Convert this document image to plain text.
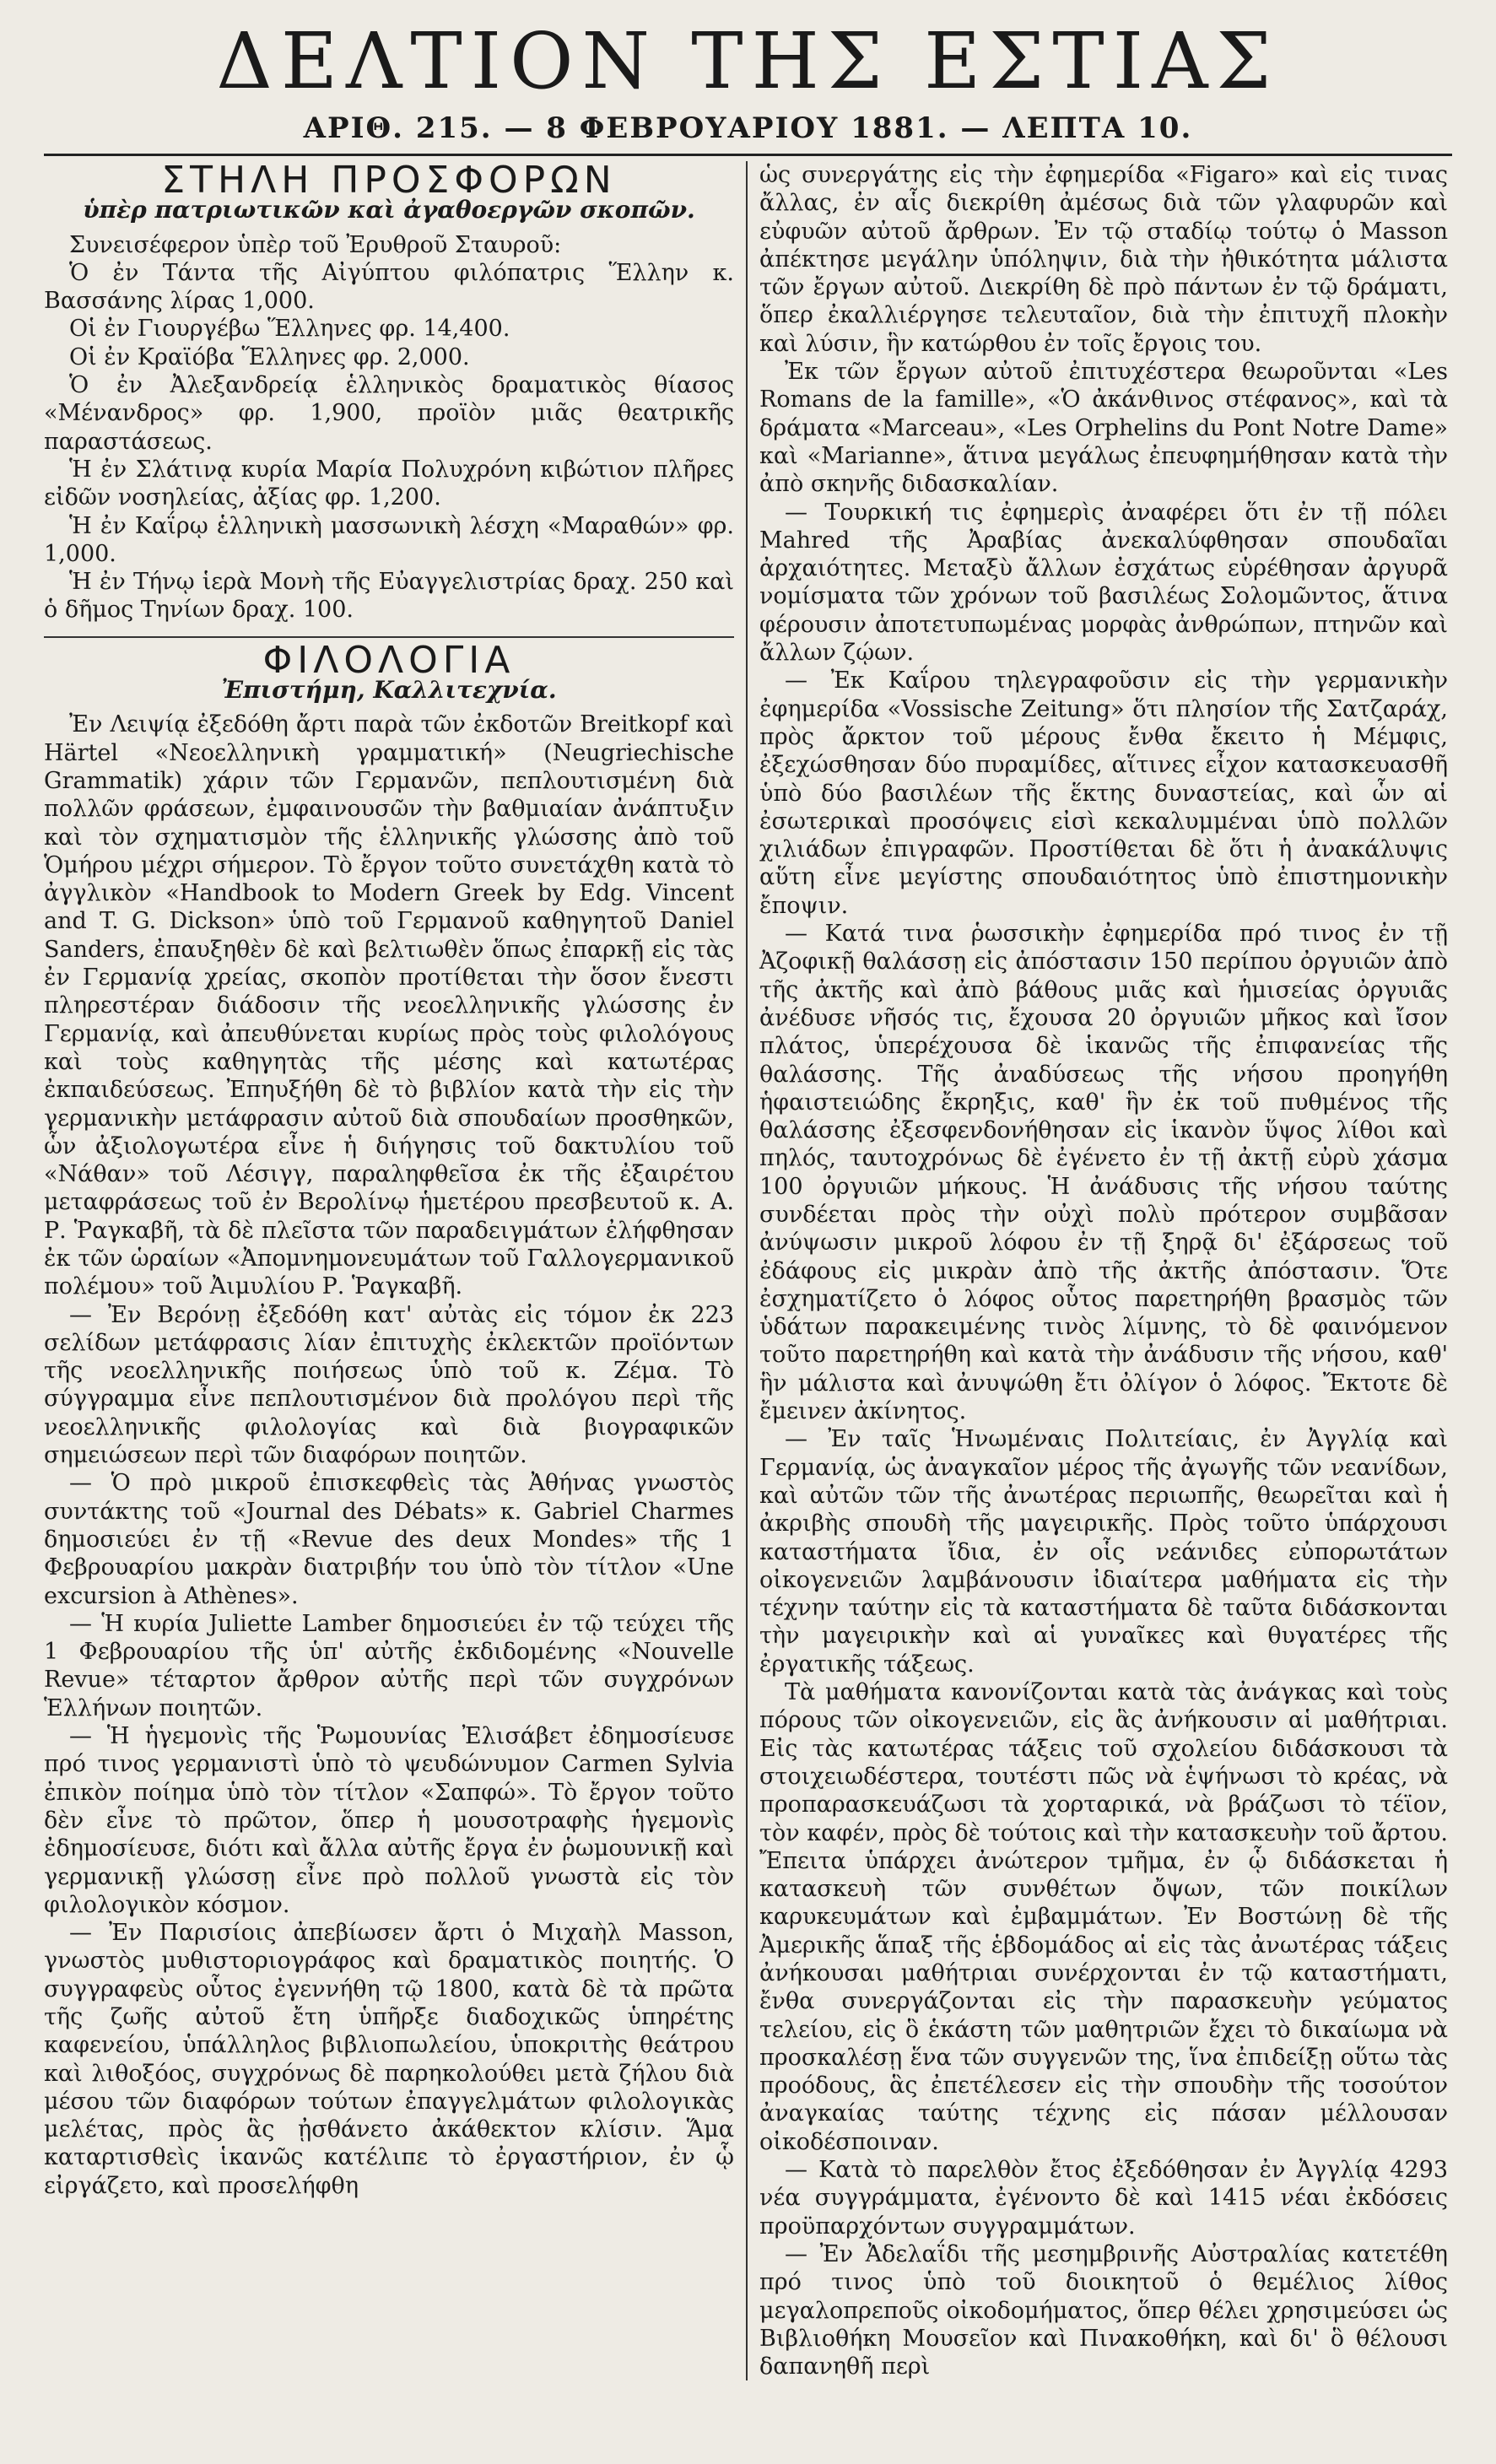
ΔΕΛΤΙΟΝ ΤΗΣ ΕΣΤΙΑΣ
ΑΡΙΘ. 215. — 8 ΦΕΒΡΟΥΑΡΙΟΥ 1881. — ΛΕΠΤΑ 10.
ΣΤΗΛΗ ΠΡΟΣΦΟΡΩΝ
ὑπὲρ πατριωτικῶν καὶ ἀγαθοεργῶν σκοπῶν.

Συνεισέφερον ὑπὲρ τοῦ Ἐρυθροῦ Σταυροῦ:

Ὁ ἐν Τάντα τῆς Αἰγύπτου φιλόπατρις Ἕλλην κ. Βασσάνης λίρας 1,000.

Οἱ ἐν Γιουργέβω Ἕλληνες φρ. 14,400.

Οἱ ἐν Κραϊόβα Ἕλληνες φρ. 2,000.

Ὁ ἐν Ἀλεξανδρείᾳ ἑλληνικὸς δραματικὸς θίασος «Μένανδρος» φρ. 1,900, προϊὸν μιᾶς θεατρικῆς παραστάσεως.

Ἡ ἐν Σλάτινᾳ κυρία Μαρία Πολυχρόνη κιβώτιον πλῆρες εἰδῶν νοσηλείας, ἀξίας φρ. 1,200.

Ἡ ἐν Καΐρῳ ἑλληνικὴ μασσωνικὴ λέσχη «Μαραθών» φρ. 1,000.

Ἡ ἐν Τήνῳ ἱερὰ Μονὴ τῆς Εὐαγγελιστρίας δραχ. 250 καὶ ὁ δῆμος Τηνίων δραχ. 100.

ΦΙΛΟΛΟΓΙΑ
Ἐπιστήμη, Καλλιτεχνία.

Ἐν Λειψίᾳ ἐξεδόθη ἄρτι παρὰ τῶν ἐκδοτῶν Breitkopf καὶ Härtel «Νεοελληνικὴ γραμματική» (Neugriechische Grammatik) χάριν τῶν Γερμανῶν, πεπλουτισμένη διὰ πολλῶν φράσεων, ἐμφαινουσῶν τὴν βαθμιαίαν ἀνάπτυξιν καὶ τὸν σχηματισμὸν τῆς ἑλληνικῆς γλώσσης ἀπὸ τοῦ Ὁμήρου μέχρι σήμερον. Τὸ ἔργον τοῦτο συνετάχθη κατὰ τὸ ἀγγλικὸν «Handbook to Modern Greek by Edg. Vincent and T. G. Dickson» ὑπὸ τοῦ Γερμανοῦ καθηγητοῦ Daniel Sanders, ἐπαυξηθὲν δὲ καὶ βελτιωθὲν ὅπως ἐπαρκῇ εἰς τὰς ἐν Γερμανίᾳ χρείας, σκοπὸν προτίθεται τὴν ὅσον ἔνεστι πληρεστέραν διάδοσιν τῆς νεοελληνικῆς γλώσσης ἐν Γερμανίᾳ, καὶ ἀπευθύνεται κυρίως πρὸς τοὺς φιλολόγους καὶ τοὺς καθηγητὰς τῆς μέσης καὶ κατωτέρας ἐκπαιδεύσεως. Ἐπηυξήθη δὲ τὸ βιβλίον κατὰ τὴν εἰς τὴν γερμανικὴν μετάφρασιν αὐτοῦ διὰ σπουδαίων προσθηκῶν, ὧν ἀξιολογωτέρα εἶνε ἡ διήγησις τοῦ δακτυλίου τοῦ «Νάθαν» τοῦ Λέσιγγ, παραληφθεῖσα ἐκ τῆς ἐξαιρέτου μεταφράσεως τοῦ ἐν Βερολίνῳ ἡμετέρου πρεσβευτοῦ κ. Α. Ρ. Ῥαγκαβῆ, τὰ δὲ πλεῖστα τῶν παραδειγμάτων ἐλήφθησαν ἐκ τῶν ὡραίων «Ἀπομνημονευμάτων τοῦ Γαλλογερμανικοῦ πολέμου» τοῦ Ἀιμυλίου Ρ. Ῥαγκαβῆ.

— Ἐν Βερόνῃ ἐξεδόθη κατ' αὐτὰς εἰς τόμον ἐκ 223 σελίδων μετάφρασις λίαν ἐπιτυχὴς ἐκλεκτῶν προϊόντων τῆς νεοελληνικῆς ποιήσεως ὑπὸ τοῦ κ. Ζέμα. Τὸ σύγγραμμα εἶνε πεπλουτισμένον διὰ προλόγου περὶ τῆς νεοελληνικῆς φιλολογίας καὶ διὰ βιογραφικῶν σημειώσεων περὶ τῶν διαφόρων ποιητῶν.

— Ὁ πρὸ μικροῦ ἐπισκεφθεὶς τὰς Ἀθήνας γνωστὸς συντάκτης τοῦ «Journal des Débats» κ. Gabriel Charmes δημοσιεύει ἐν τῇ «Revue des deux Mondes» τῆς 1 Φεβρουαρίου μακρὰν διατριβήν του ὑπὸ τὸν τίτλον «Une excursion à Athènes».

— Ἡ κυρία Juliette Lamber δημοσιεύει ἐν τῷ τεύχει τῆς 1 Φεβρουαρίου τῆς ὑπ' αὐτῆς ἐκδιδομένης «Nouvelle Revue» τέταρτον ἄρθρον αὐτῆς περὶ τῶν συγχρόνων Ἑλλήνων ποιητῶν.

— Ἡ ἡγεμονὶς τῆς Ῥωμουνίας Ἐλισάβετ ἐδημοσίευσε πρό τινος γερμανιστὶ ὑπὸ τὸ ψευδώνυμον Carmen Sylvia ἐπικὸν ποίημα ὑπὸ τὸν τίτλον «Σαπφώ». Τὸ ἔργον τοῦτο δὲν εἶνε τὸ πρῶτον, ὅπερ ἡ μουσοτραφὴς ἡγεμονὶς ἐδημοσίευσε, διότι καὶ ἄλλα αὐτῆς ἔργα ἐν ῥωμουνικῇ καὶ γερμανικῇ γλώσσῃ εἶνε πρὸ πολλοῦ γνωστὰ εἰς τὸν φιλολογικὸν κόσμον.

— Ἐν Παρισίοις ἀπεβίωσεν ἄρτι ὁ Μιχαὴλ Masson, γνωστὸς μυθιστοριογράφος καὶ δραματικὸς ποιητής. Ὁ συγγραφεὺς οὗτος ἐγεννήθη τῷ 1800, κατὰ δὲ τὰ πρῶτα τῆς ζωῆς αὐτοῦ ἔτη ὑπῆρξε διαδοχικῶς ὑπηρέτης καφενείου, ὑπάλληλος βιβλιοπωλείου, ὑποκριτὴς θεάτρου καὶ λιθοξόος, συγχρόνως δὲ παρηκολούθει μετὰ ζήλου διὰ μέσου τῶν διαφόρων τούτων ἐπαγγελμάτων φιλολογικὰς μελέτας, πρὸς ἃς ᾐσθάνετο ἀκάθεκτον κλίσιν. Ἅμα καταρτισθεὶς ἱκανῶς κατέλιπε τὸ ἐργαστήριον, ἐν ᾧ εἰργάζετο, καὶ προσελήφθη

ὡς συνεργάτης εἰς τὴν ἐφημερίδα «Figaro» καὶ εἰς τινας ἄλλας, ἐν αἷς διεκρίθη ἀμέσως διὰ τῶν γλαφυρῶν καὶ εὐφυῶν αὐτοῦ ἄρθρων. Ἐν τῷ σταδίῳ τούτῳ ὁ Masson ἀπέκτησε μεγάλην ὑπόληψιν, διὰ τὴν ἠθικότητα μάλιστα τῶν ἔργων αὐτοῦ. Διεκρίθη δὲ πρὸ πάντων ἐν τῷ δράματι, ὅπερ ἐκαλλιέργησε τελευταῖον, διὰ τὴν ἐπιτυχῆ πλοκὴν καὶ λύσιν, ἣν κατώρθου ἐν τοῖς ἔργοις του.

Ἐκ τῶν ἔργων αὐτοῦ ἐπιτυχέστερα θεωροῦνται «Les Romans de la famille», «Ὁ ἀκάνθινος στέφανος», καὶ τὰ δράματα «Marceau», «Les Orphelins du Pont Notre Dame» καὶ «Marianne», ἅτινα μεγάλως ἐπευφημήθησαν κατὰ τὴν ἀπὸ σκηνῆς διδασκαλίαν.

— Τουρκική τις ἐφημερὶς ἀναφέρει ὅτι ἐν τῇ πόλει Mahred τῆς Ἀραβίας ἀνεκαλύφθησαν σπουδαῖαι ἀρχαιότητες. Μεταξὺ ἄλλων ἐσχάτως εὑρέθησαν ἀργυρᾶ νομίσματα τῶν χρόνων τοῦ βασιλέως Σολομῶντος, ἅτινα φέρουσιν ἀποτετυπωμένας μορφὰς ἀνθρώπων, πτηνῶν καὶ ἄλλων ζῴων.

— Ἐκ Καΐρου τηλεγραφοῦσιν εἰς τὴν γερμανικὴν ἐφημερίδα «Vossische Zeitung» ὅτι πλησίον τῆς Σατζαράχ, πρὸς ἄρκτον τοῦ μέρους ἔνθα ἔκειτο ἡ Μέμφις, ἐξεχώσθησαν δύο πυραμίδες, αἵτινες εἶχον κατασκευασθῆ ὑπὸ δύο βασιλέων τῆς ἕκτης δυναστείας, καὶ ὧν αἱ ἐσωτερικαὶ προσόψεις εἰσὶ κεκαλυμμέναι ὑπὸ πολλῶν χιλιάδων ἐπιγραφῶν. Προστίθεται δὲ ὅτι ἡ ἀνακάλυψις αὕτη εἶνε μεγίστης σπουδαιότητος ὑπὸ ἐπιστημονικὴν ἔποψιν.

— Κατά τινα ῥωσσικὴν ἐφημερίδα πρό τινος ἐν τῇ Ἀζοφικῇ θαλάσσῃ εἰς ἀπόστασιν 150 περίπου ὀργυιῶν ἀπὸ τῆς ἀκτῆς καὶ ἀπὸ βάθους μιᾶς καὶ ἡμισείας ὀργυιᾶς ἀνέδυσε νῆσός τις, ἔχουσα 20 ὀργυιῶν μῆκος καὶ ἴσον πλάτος, ὑπερέχουσα δὲ ἱκανῶς τῆς ἐπιφανείας τῆς θαλάσσης. Τῆς ἀναδύσεως τῆς νήσου προηγήθη ἡφαιστειώδης ἔκρηξις, καθ' ἣν ἐκ τοῦ πυθμένος τῆς θαλάσσης ἐξεσφενδονήθησαν εἰς ἱκανὸν ὕψος λίθοι καὶ πηλός, ταυτοχρόνως δὲ ἐγένετο ἐν τῇ ἀκτῇ εὐρὺ χάσμα 100 ὀργυιῶν μήκους. Ἡ ἀνάδυσις τῆς νήσου ταύτης συνδέεται πρὸς τὴν οὐχὶ πολὺ πρότερον συμβᾶσαν ἀνύψωσιν μικροῦ λόφου ἐν τῇ ξηρᾷ δι' ἐξάρσεως τοῦ ἐδάφους εἰς μικρὰν ἀπὸ τῆς ἀκτῆς ἀπόστασιν. Ὅτε ἐσχηματίζετο ὁ λόφος οὗτος παρετηρήθη βρασμὸς τῶν ὑδάτων παρακειμένης τινὸς λίμνης, τὸ δὲ φαινόμενον τοῦτο παρετηρήθη καὶ κατὰ τὴν ἀνάδυσιν τῆς νήσου, καθ' ἣν μάλιστα καὶ ἀνυψώθη ἔτι ὀλίγον ὁ λόφος. Ἔκτοτε δὲ ἔμεινεν ἀκίνητος.

— Ἐν ταῖς Ἡνωμέναις Πολιτείαις, ἐν Ἀγγλίᾳ καὶ Γερμανίᾳ, ὡς ἀναγκαῖον μέρος τῆς ἀγωγῆς τῶν νεανίδων, καὶ αὐτῶν τῶν τῆς ἀνωτέρας περιωπῆς, θεωρεῖται καὶ ἡ ἀκριβὴς σπουδὴ τῆς μαγειρικῆς. Πρὸς τοῦτο ὑπάρχουσι καταστήματα ἴδια, ἐν οἷς νεάνιδες εὐπορωτάτων οἰκογενειῶν λαμβάνουσιν ἰδιαίτερα μαθήματα εἰς τὴν τέχνην ταύτην εἰς τὰ καταστήματα δὲ ταῦτα διδάσκονται τὴν μαγειρικὴν καὶ αἱ γυναῖκες καὶ θυγατέρες τῆς ἐργατικῆς τάξεως.

Τὰ μαθήματα κανονίζονται κατὰ τὰς ἀνάγκας καὶ τοὺς πόρους τῶν οἰκογενειῶν, εἰς ἃς ἀνήκουσιν αἱ μαθήτριαι. Εἰς τὰς κατωτέρας τάξεις τοῦ σχολείου διδάσκουσι τὰ στοιχειωδέστερα, τουτέστι πῶς νὰ ἑψήνωσι τὸ κρέας, νὰ προπαρασκευάζωσι τὰ χορταρικά, νὰ βράζωσι τὸ τέϊον, τὸν καφέν, πρὸς δὲ τούτοις καὶ τὴν κατασκευὴν τοῦ ἄρτου. Ἔπειτα ὑπάρχει ἀνώτερον τμῆμα, ἐν ᾧ διδάσκεται ἡ κατασκευὴ τῶν συνθέτων ὄψων, τῶν ποικίλων καρυκευμάτων καὶ ἐμβαμμάτων. Ἐν Βοστώνῃ δὲ τῆς Ἀμερικῆς ἅπαξ τῆς ἑβδομάδος αἱ εἰς τὰς ἀνωτέρας τάξεις ἀνήκουσαι μαθήτριαι συνέρχονται ἐν τῷ καταστήματι, ἔνθα συνεργάζονται εἰς τὴν παρασκευὴν γεύματος τελείου, εἰς ὃ ἑκάστη τῶν μαθητριῶν ἔχει τὸ δικαίωμα νὰ προσκαλέσῃ ἕνα τῶν συγγενῶν της, ἵνα ἐπιδείξῃ οὕτω τὰς προόδους, ἃς ἐπετέλεσεν εἰς τὴν σπουδὴν τῆς τοσούτον ἀναγκαίας ταύτης τέχνης εἰς πάσαν μέλλουσαν οἰκοδέσποιναν.

— Κατὰ τὸ παρελθὸν ἔτος ἐξεδόθησαν ἐν Ἀγγλίᾳ 4293 νέα συγγράμματα, ἐγένοντο δὲ καὶ 1415 νέαι ἐκδόσεις προϋπαρχόντων συγγραμμάτων.

— Ἐν Ἀδελαΐδι τῆς μεσημβρινῆς Αὐστραλίας κατετέθη πρό τινος ὑπὸ τοῦ διοικητοῦ ὁ θεμέλιος λίθος μεγαλοπρεποῦς οἰκοδομήματος, ὅπερ θέλει χρησιμεύσει ὡς Βιβλιοθήκη Μουσεῖον καὶ Πινακοθήκη, καὶ δι' ὃ θέλουσι δαπανηθῆ περὶ
